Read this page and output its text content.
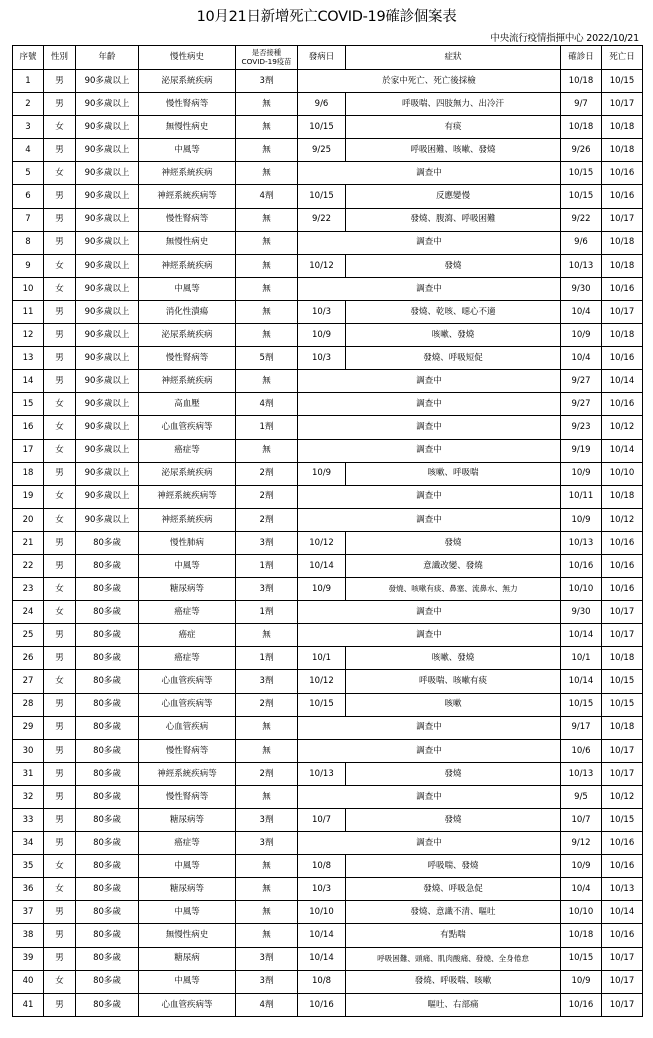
10月21日新增死亡COVID-19確診個案表
中央流行疫情指揮中心 2022/10/21
序號	性別	年齡	慢性病史	是否接種
COVID-19疫苗	發病日	症狀	確診日	死亡日
1	男	90多歲以上	泌尿系統疾病	3劑	於家中死亡、死亡後採檢		10/18	10/15
2	男	90多歲以上	慢性腎病等	無	9/6	呼吸喘、四肢無力、出冷汗	9/7	10/17
3	女	90多歲以上	無慢性病史	無	10/15	有痰	10/18	10/18
4	男	90多歲以上	中風等	無	9/25	呼吸困難、咳嗽、發燒	9/26	10/18
5	女	90多歲以上	神經系統疾病	無	調查中		10/15	10/16
6	男	90多歲以上	神經系統疾病等	4劑	10/15	反應變慢	10/15	10/16
7	男	90多歲以上	慢性腎病等	無	9/22	發燒、腹瀉、呼吸困難	9/22	10/17
8	男	90多歲以上	無慢性病史	無	調查中		9/6	10/18
9	女	90多歲以上	神經系統疾病	無	10/12	發燒	10/13	10/18
10	女	90多歲以上	中風等	無	調查中		9/30	10/16
11	男	90多歲以上	消化性潰瘍	無	10/3	發燒、乾咳、噁心不適	10/4	10/17
12	男	90多歲以上	泌尿系統疾病	無	10/9	咳嗽、發燒	10/9	10/18
13	男	90多歲以上	慢性腎病等	5劑	10/3	發燒、呼吸短促	10/4	10/16
14	男	90多歲以上	神經系統疾病	無	調查中		9/27	10/14
15	女	90多歲以上	高血壓	4劑	調查中		9/27	10/16
16	女	90多歲以上	心血管疾病等	1劑	調查中		9/23	10/12
17	女	90多歲以上	癌症等	無	調查中		9/19	10/14
18	男	90多歲以上	泌尿系統疾病	2劑	10/9	咳嗽、呼吸喘	10/9	10/10
19	女	90多歲以上	神經系統疾病等	2劑	調查中		10/11	10/18
20	女	90多歲以上	神經系統疾病	2劑	調查中		10/9	10/12
21	男	80多歲	慢性肺病	3劑	10/12	發燒	10/13	10/16
22	男	80多歲	中風等	1劑	10/14	意識改變、發燒	10/16	10/16
23	女	80多歲	糖尿病等	3劑	10/9	發燒、咳嗽有痰、鼻塞、流鼻水、無力	10/10	10/16
24	女	80多歲	癌症等	1劑	調查中		9/30	10/17
25	男	80多歲	癌症	無	調查中		10/14	10/17
26	男	80多歲	癌症等	1劑	10/1	咳嗽、發燒	10/1	10/18
27	女	80多歲	心血管疾病等	3劑	10/12	呼吸喘、咳嗽有痰	10/14	10/15
28	男	80多歲	心血管疾病等	2劑	10/15	咳嗽	10/15	10/15
29	男	80多歲	心血管疾病	無	調查中		9/17	10/18
30	男	80多歲	慢性腎病等	無	調查中		10/6	10/17
31	男	80多歲	神經系統疾病等	2劑	10/13	發燒	10/13	10/17
32	男	80多歲	慢性腎病等	無	調查中		9/5	10/12
33	男	80多歲	糖尿病等	3劑	10/7	發燒	10/7	10/15
34	男	80多歲	癌症等	3劑	調查中		9/12	10/16
35	女	80多歲	中風等	無	10/8	呼吸喘、發燒	10/9	10/16
36	女	80多歲	糖尿病等	無	10/3	發燒、呼吸急促	10/4	10/13
37	男	80多歲	中風等	無	10/10	發燒、意識不清、嘔吐	10/10	10/14
38	男	80多歲	無慢性病史	無	10/14	有點喘	10/18	10/16
39	男	80多歲	糖尿病	3劑	10/14	呼吸困難、頭痛、肌肉酸痛、發燒、全身倦怠	10/15	10/17
40	女	80多歲	中風等	3劑	10/8	發燒、呼吸喘、咳嗽	10/9	10/17
41	男	80多歲	心血管疾病等	4劑	10/16	嘔吐、右部痛	10/16	10/17
